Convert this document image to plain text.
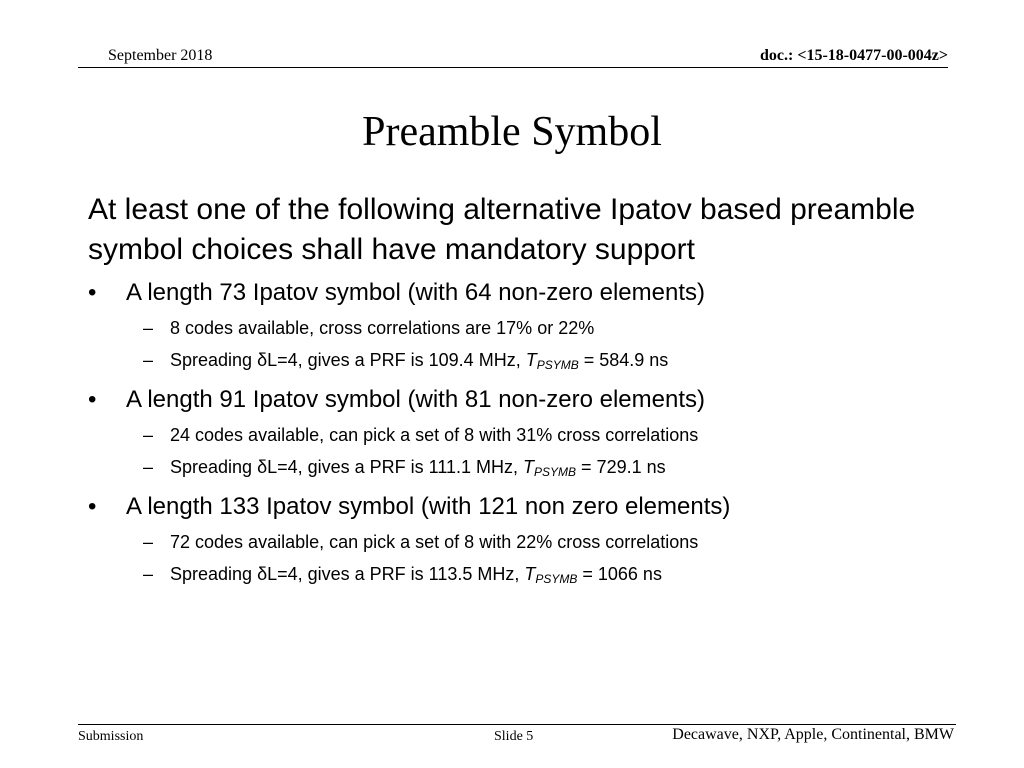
September 2018	doc.: <15-18-0477-00-004z>
Preamble Symbol
At least one of the following alternative Ipatov based preamble symbol choices shall have mandatory support
• A length 73 Ipatov symbol (with 64 non-zero elements)
– 8 codes available, cross correlations are 17% or 22%
– Spreading δL=4, gives a PRF is 109.4 MHz, $T_{PSYMB} = 584.9$ ns
• A length 91 Ipatov symbol (with 81 non-zero elements)
– 24 codes available, can pick a set of 8 with 31% cross correlations
– Spreading δL=4, gives a PRF is 111.1 MHz, $T_{PSYMB} = 729.1$ ns
• A length 133 Ipatov symbol (with 121 non zero elements)
– 72 codes available, can pick a set of 8 with 22% cross correlations
– Spreading δL=4, gives a PRF is 113.5 MHz, $T_{PSYMB} = 1066$ ns
Submission	Slide 5	Decawave, NXP, Apple, Continental, BMW
